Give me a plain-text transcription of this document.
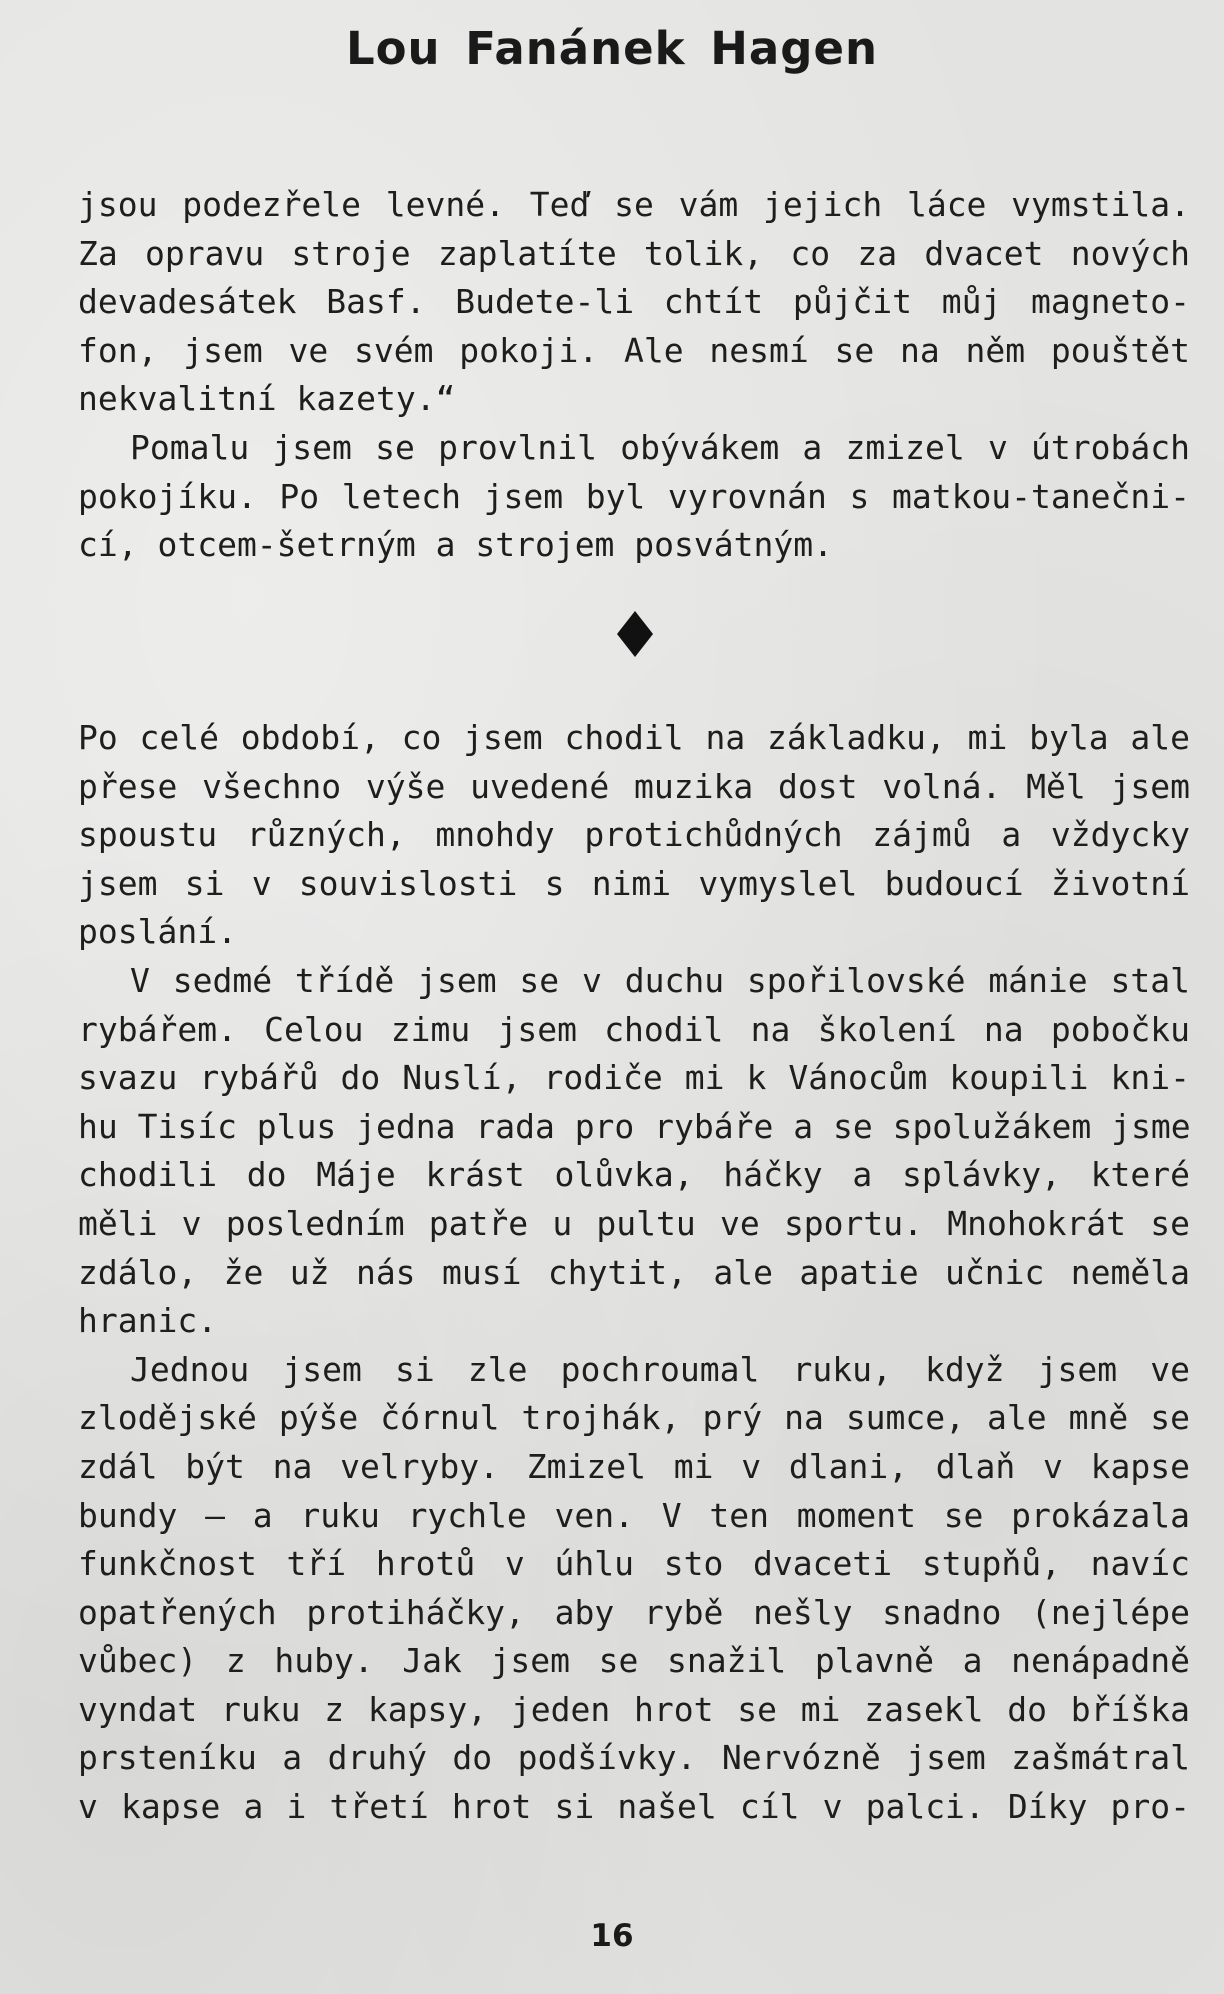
Lou Fanánek Hagen
jsou podezřele levné. Teď se vám jejich láce vymstila.
Za opravu stroje zaplatíte tolik, co za dvacet nových
devadesátek Basf. Budete-li chtít půjčit můj magneto-
fon, jsem ve svém pokoji. Ale nesmí se na něm pouštět
nekvalitní kazety.“
Pomalu jsem se provlnil obývákem a zmizel v útrobách
pokojíku. Po letech jsem byl vyrovnán s matkou-tanečni-
cí, otcem-šetrným a strojem posvátným.
Po celé období, co jsem chodil na základku, mi byla ale
přese všechno výše uvedené muzika dost volná. Měl jsem
spoustu různých, mnohdy protichůdných zájmů a vždycky
jsem si v souvislosti s nimi vymyslel budoucí životní
poslání.
V sedmé třídě jsem se v duchu spořilovské mánie stal
rybářem. Celou zimu jsem chodil na školení na pobočku
svazu rybářů do Nuslí, rodiče mi k Vánocům koupili kni-
hu Tisíc plus jedna rada pro rybáře a se spolužákem jsme
chodili do Máje krást olůvka, háčky a splávky, které
měli v posledním patře u pultu ve sportu. Mnohokrát se
zdálo, že už nás musí chytit, ale apatie učnic neměla
hranic.
Jednou jsem si zle pochroumal ruku, když jsem ve
zlodějské pýše čórnul trojhák, prý na sumce, ale mně se
zdál být na velryby. Zmizel mi v dlani, dlaň v kapse
bundy – a ruku rychle ven. V ten moment se prokázala
funkčnost tří hrotů v úhlu sto dvaceti stupňů, navíc
opatřených protiháčky, aby rybě nešly snadno (nejlépe
vůbec) z huby. Jak jsem se snažil plavně a nenápadně
vyndat ruku z kapsy, jeden hrot se mi zasekl do bříška
prsteníku a druhý do podšívky. Nervózně jsem zašmátral
v kapse a i třetí hrot si našel cíl v palci. Díky pro-
16
